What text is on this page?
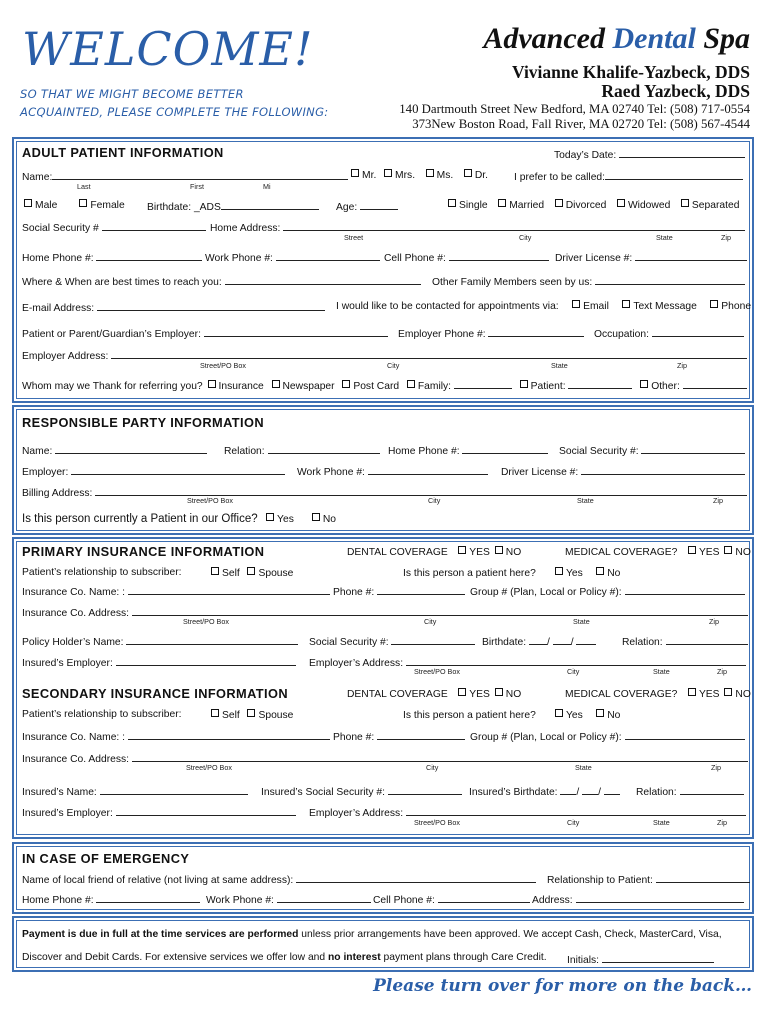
WELCOME!
SO THAT WE MIGHT BECOME BETTER
ACQUAINTED, PLEASE COMPLETE THE FOLLOWING:
Advanced Dental Spa
Vivianne Khalife-Yazbeck, DDS
Raed Yazbeck, DDS
140 Dartmouth Street New Bedford, MA 02740 Tel: (508) 717-0554
373New Boston Road, Fall River, MA 02720 Tel: (508) 567-4544
ADULT PATIENT INFORMATION	Today’s Date:
Name:	Mr. Mrs. Ms. Dr.	I prefer to be called:
Last	First	Mi
Male	Female Birthdate: _ADS	Age:	Single Married Divorced Widowed Separated
Social Security #	Home Address:
Street	City	State	Zip
Home Phone #:	Work Phone #:	Cell Phone #:	Driver License #:
Where & When are best times to reach you:	Other Family Members seen by us:
E-mail Address:	I would like to be contacted for appointments via: Email Text Message Phone
Patient or Parent/Guardian’s Employer:	Employer Phone #:	Occupation:
Employer Address:
Street/PO Box	City	State	Zip
Whom may we Thank for referring you? Insurance Newspaper Post Card Family:	Patient:	Other:
RESPONSIBLE PARTY INFORMATION
Name:	Relation:	Home Phone #:	Social Security #:
Employer:	Work Phone #:	Driver License #:
Billing Address:
Street/PO Box	City	State	Zip
Is this person currently a Patient in our Office? Yes	No
PRIMARY INSURANCE INFORMATION	DENTAL COVERAGE YES NO	MEDICAL COVERAGE? YES NO
Patient’s relationship to subscriber:	Self Spouse	Is this person a patient here?	Yes No
Insurance Co. Name: :	Phone #:	Group # (Plan, Local or Policy #):
Insurance Co. Address:
Street/PO Box	City	State	Zip
Policy Holder’s Name:	Social Security #:	Birthdate: / /	Relation:
Insured’s Employer:	Employer’s Address:
Street/PO Box	City	State	Zip
SECONDARY INSURANCE INFORMATION	DENTAL COVERAGE YES NO	MEDICAL COVERAGE? YES NO
Patient’s relationship to subscriber:	Self Spouse	Is this person a patient here?	Yes No
Insurance Co. Name: :	Phone #:	Group # (Plan, Local or Policy #):
Insurance Co. Address:
Street/PO Box	City	State	Zip
Insured’s Name:	Insured’s Social Security #:	Insured’s Birthdate: / /	Relation:
Insured’s Employer:	Employer’s Address:
Street/PO Box	City	State	Zip
IN CASE OF EMERGENCY
Name of local friend of relative (not living at same address):	Relationship to Patient:
Home Phone #:	Work Phone #:	Cell Phone #:	Address:
Payment is due in full at the time services are performed unless prior arrangements have been approved. We accept Cash, Check, MasterCard, Visa,
Discover and Debit Cards. For extensive services we offer low and no interest payment plans through Care Credit. Initials:
Please turn over for more on the back…
